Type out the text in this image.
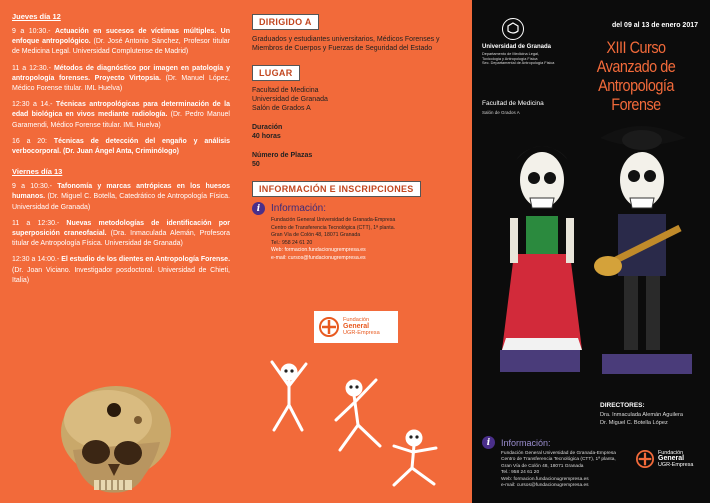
Jueves día 12
9 a 10:30.- Actuación en sucesos de víctimas múltiples. Un enfoque antropológico. (Dr. José Antonio Sánchez, Profesor titular de Medicina Legal. Universidad Complutense de Madrid)
11 a 12:30.- Métodos de diagnóstico por imagen en patología y antropología forenses. Proyecto Virtopsia. (Dr. Manuel López, Médico Forense titular. IML Huelva)
12:30 a 14.- Técnicas antropológicas para determinación de la edad biológica en vivos mediante radiología. (Dr. Pedro Manuel Garamendi, Médico Forense titular. IML Huelva)
16 a 20: Técnicas de detección del engaño y análisis verbocorporal. (Dr. Juan Ángel Anta, Criminólogo)
Viernes día 13
9 a 10:30.- Tafonomía y marcas antrópicas en los huesos humanos. (Dr. Miguel C. Botella, Catedrático de Antropología Física. Universidad de Granada)
11 a 12:30.- Nuevas metodologías de identificación por superposición craneofacial. (Dra. Inmaculada Alemán, Profesora titular de Antropología Física. Universidad de Granada)
12:30 a 14:00.- El estudio de los dientes en Antropología Forense. (Dr. Joan Viciano. Investigador posdoctoral. Universidad de Chieti, Italia)
DIRIGIDO A
Graduados y estudiantes universitarios, Médicos Forenses y Miembros de Cuerpos y Fuerzas de Seguridad del Estado
LUGAR
Facultad de Medicina
Universidad de Granada
Salón de Grados A
Duración
40 horas
Número de Plazas
50
INFORMACIÓN E INSCRIPCIONES
i	Información:
Fundación General Universidad de Granada-Empresa
Centro de Transferencia Tecnológica (CTT), 1ª planta.
Gran Vía de Colón 48, 18071 Granada
Tel.: 958 24 61 20
Web: formacion.fundacionugrempresa.es
e-mail: cursos@fundacionugrempresa.es
Fundación
General
UGR-Empresa
del 09 al 13 de enero 2017
Universidad de Granada
Departamento de Medicina Legal,
Toxicología y Antropología Física
Sec. Departamental de Antropología Física
XIII Curso Avanzado de
Antropología Forense
Facultad de Medicina
Salón de Grados A
DIRECTORES:
Dra. Inmaculada Alemán Aguilera
Dr. Miguel C. Botella López
i	Información:
Fundación General Universidad de Granada-Empresa
Centro de Transferencia Tecnológica (CTT), 1ª planta,
Gran Vía de Colón 48, 18071 Granada
Tel.: 958 24 61 20
Web: formacion.fundacionugrempresa.es
e-mail: cursos@fundacionugrempresa.es
Fundación
General
UGR-Empresa
